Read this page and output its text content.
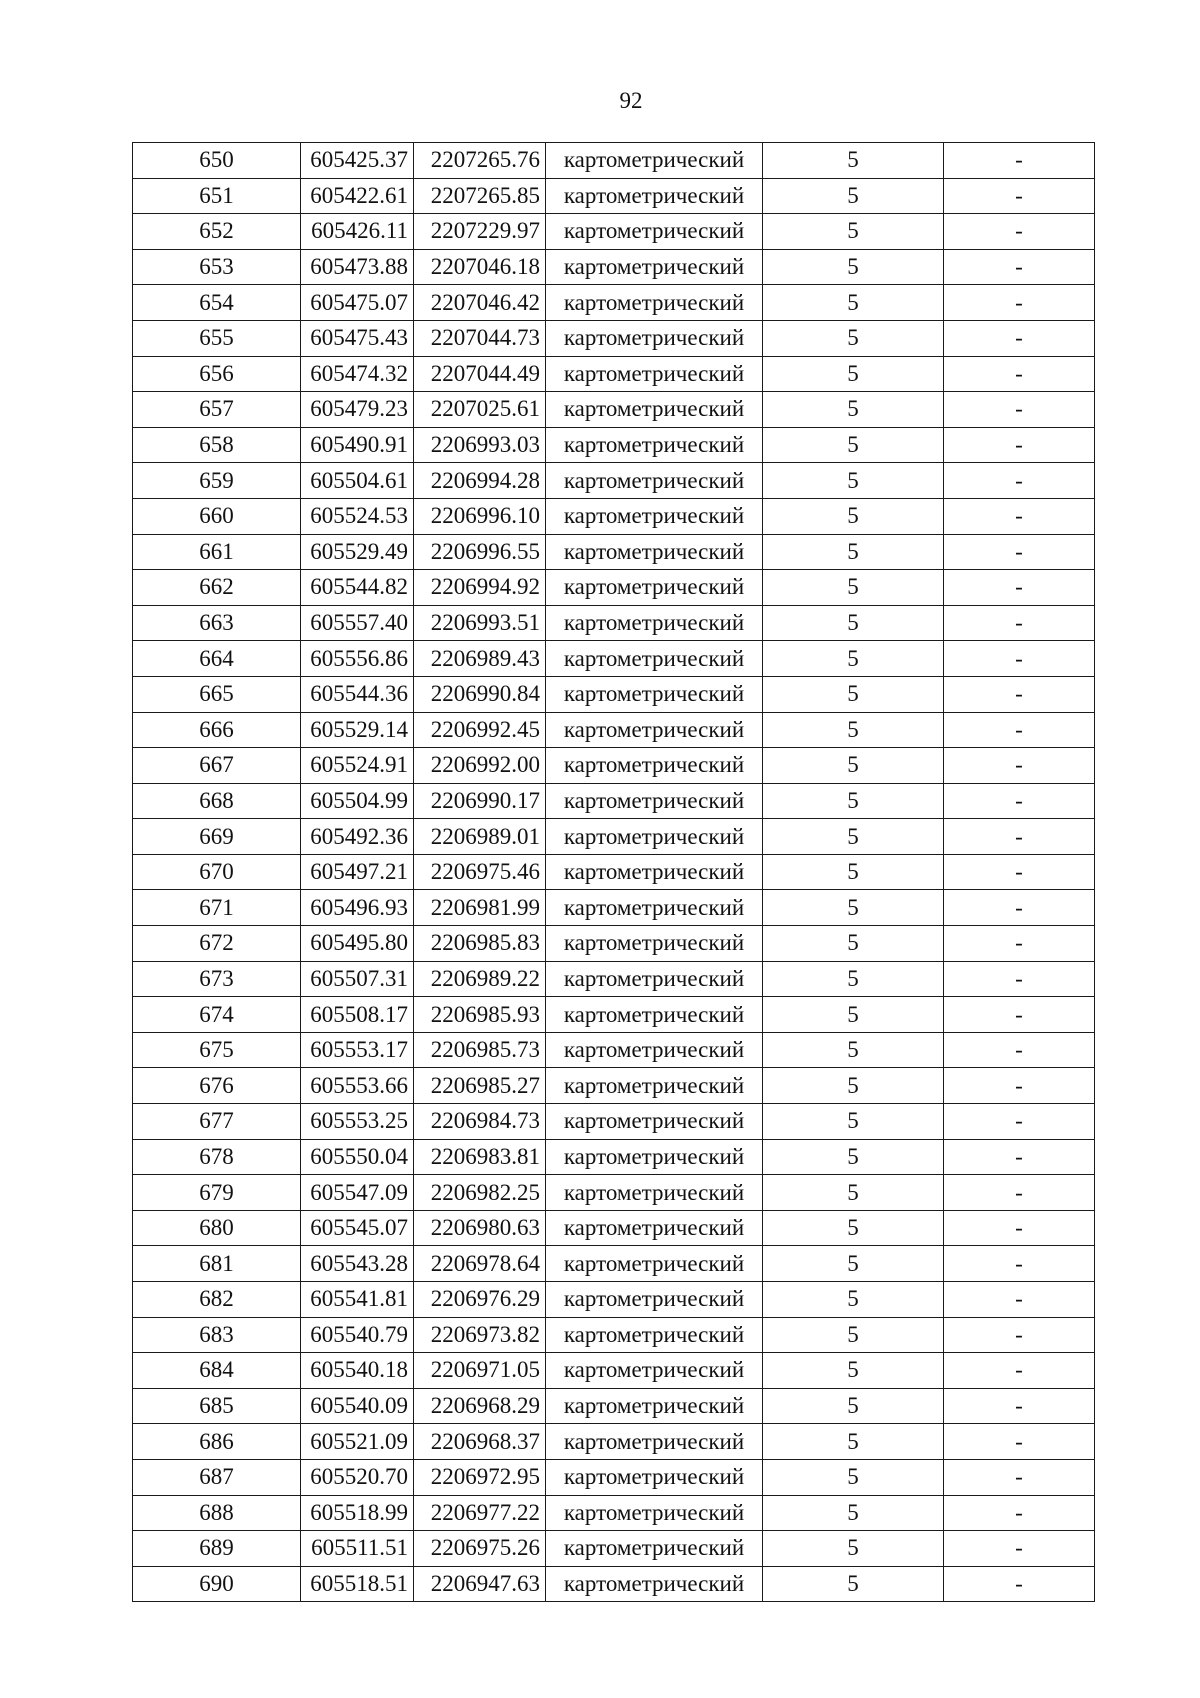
92
650	605425.37	2207265.76	картометрический	5	-
651	605422.61	2207265.85	картометрический	5	-
652	605426.11	2207229.97	картометрический	5	-
653	605473.88	2207046.18	картометрический	5	-
654	605475.07	2207046.42	картометрический	5	-
655	605475.43	2207044.73	картометрический	5	-
656	605474.32	2207044.49	картометрический	5	-
657	605479.23	2207025.61	картометрический	5	-
658	605490.91	2206993.03	картометрический	5	-
659	605504.61	2206994.28	картометрический	5	-
660	605524.53	2206996.10	картометрический	5	-
661	605529.49	2206996.55	картометрический	5	-
662	605544.82	2206994.92	картометрический	5	-
663	605557.40	2206993.51	картометрический	5	-
664	605556.86	2206989.43	картометрический	5	-
665	605544.36	2206990.84	картометрический	5	-
666	605529.14	2206992.45	картометрический	5	-
667	605524.91	2206992.00	картометрический	5	-
668	605504.99	2206990.17	картометрический	5	-
669	605492.36	2206989.01	картометрический	5	-
670	605497.21	2206975.46	картометрический	5	-
671	605496.93	2206981.99	картометрический	5	-
672	605495.80	2206985.83	картометрический	5	-
673	605507.31	2206989.22	картометрический	5	-
674	605508.17	2206985.93	картометрический	5	-
675	605553.17	2206985.73	картометрический	5	-
676	605553.66	2206985.27	картометрический	5	-
677	605553.25	2206984.73	картометрический	5	-
678	605550.04	2206983.81	картометрический	5	-
679	605547.09	2206982.25	картометрический	5	-
680	605545.07	2206980.63	картометрический	5	-
681	605543.28	2206978.64	картометрический	5	-
682	605541.81	2206976.29	картометрический	5	-
683	605540.79	2206973.82	картометрический	5	-
684	605540.18	2206971.05	картометрический	5	-
685	605540.09	2206968.29	картометрический	5	-
686	605521.09	2206968.37	картометрический	5	-
687	605520.70	2206972.95	картометрический	5	-
688	605518.99	2206977.22	картометрический	5	-
689	605511.51	2206975.26	картометрический	5	-
690	605518.51	2206947.63	картометрический	5	-
